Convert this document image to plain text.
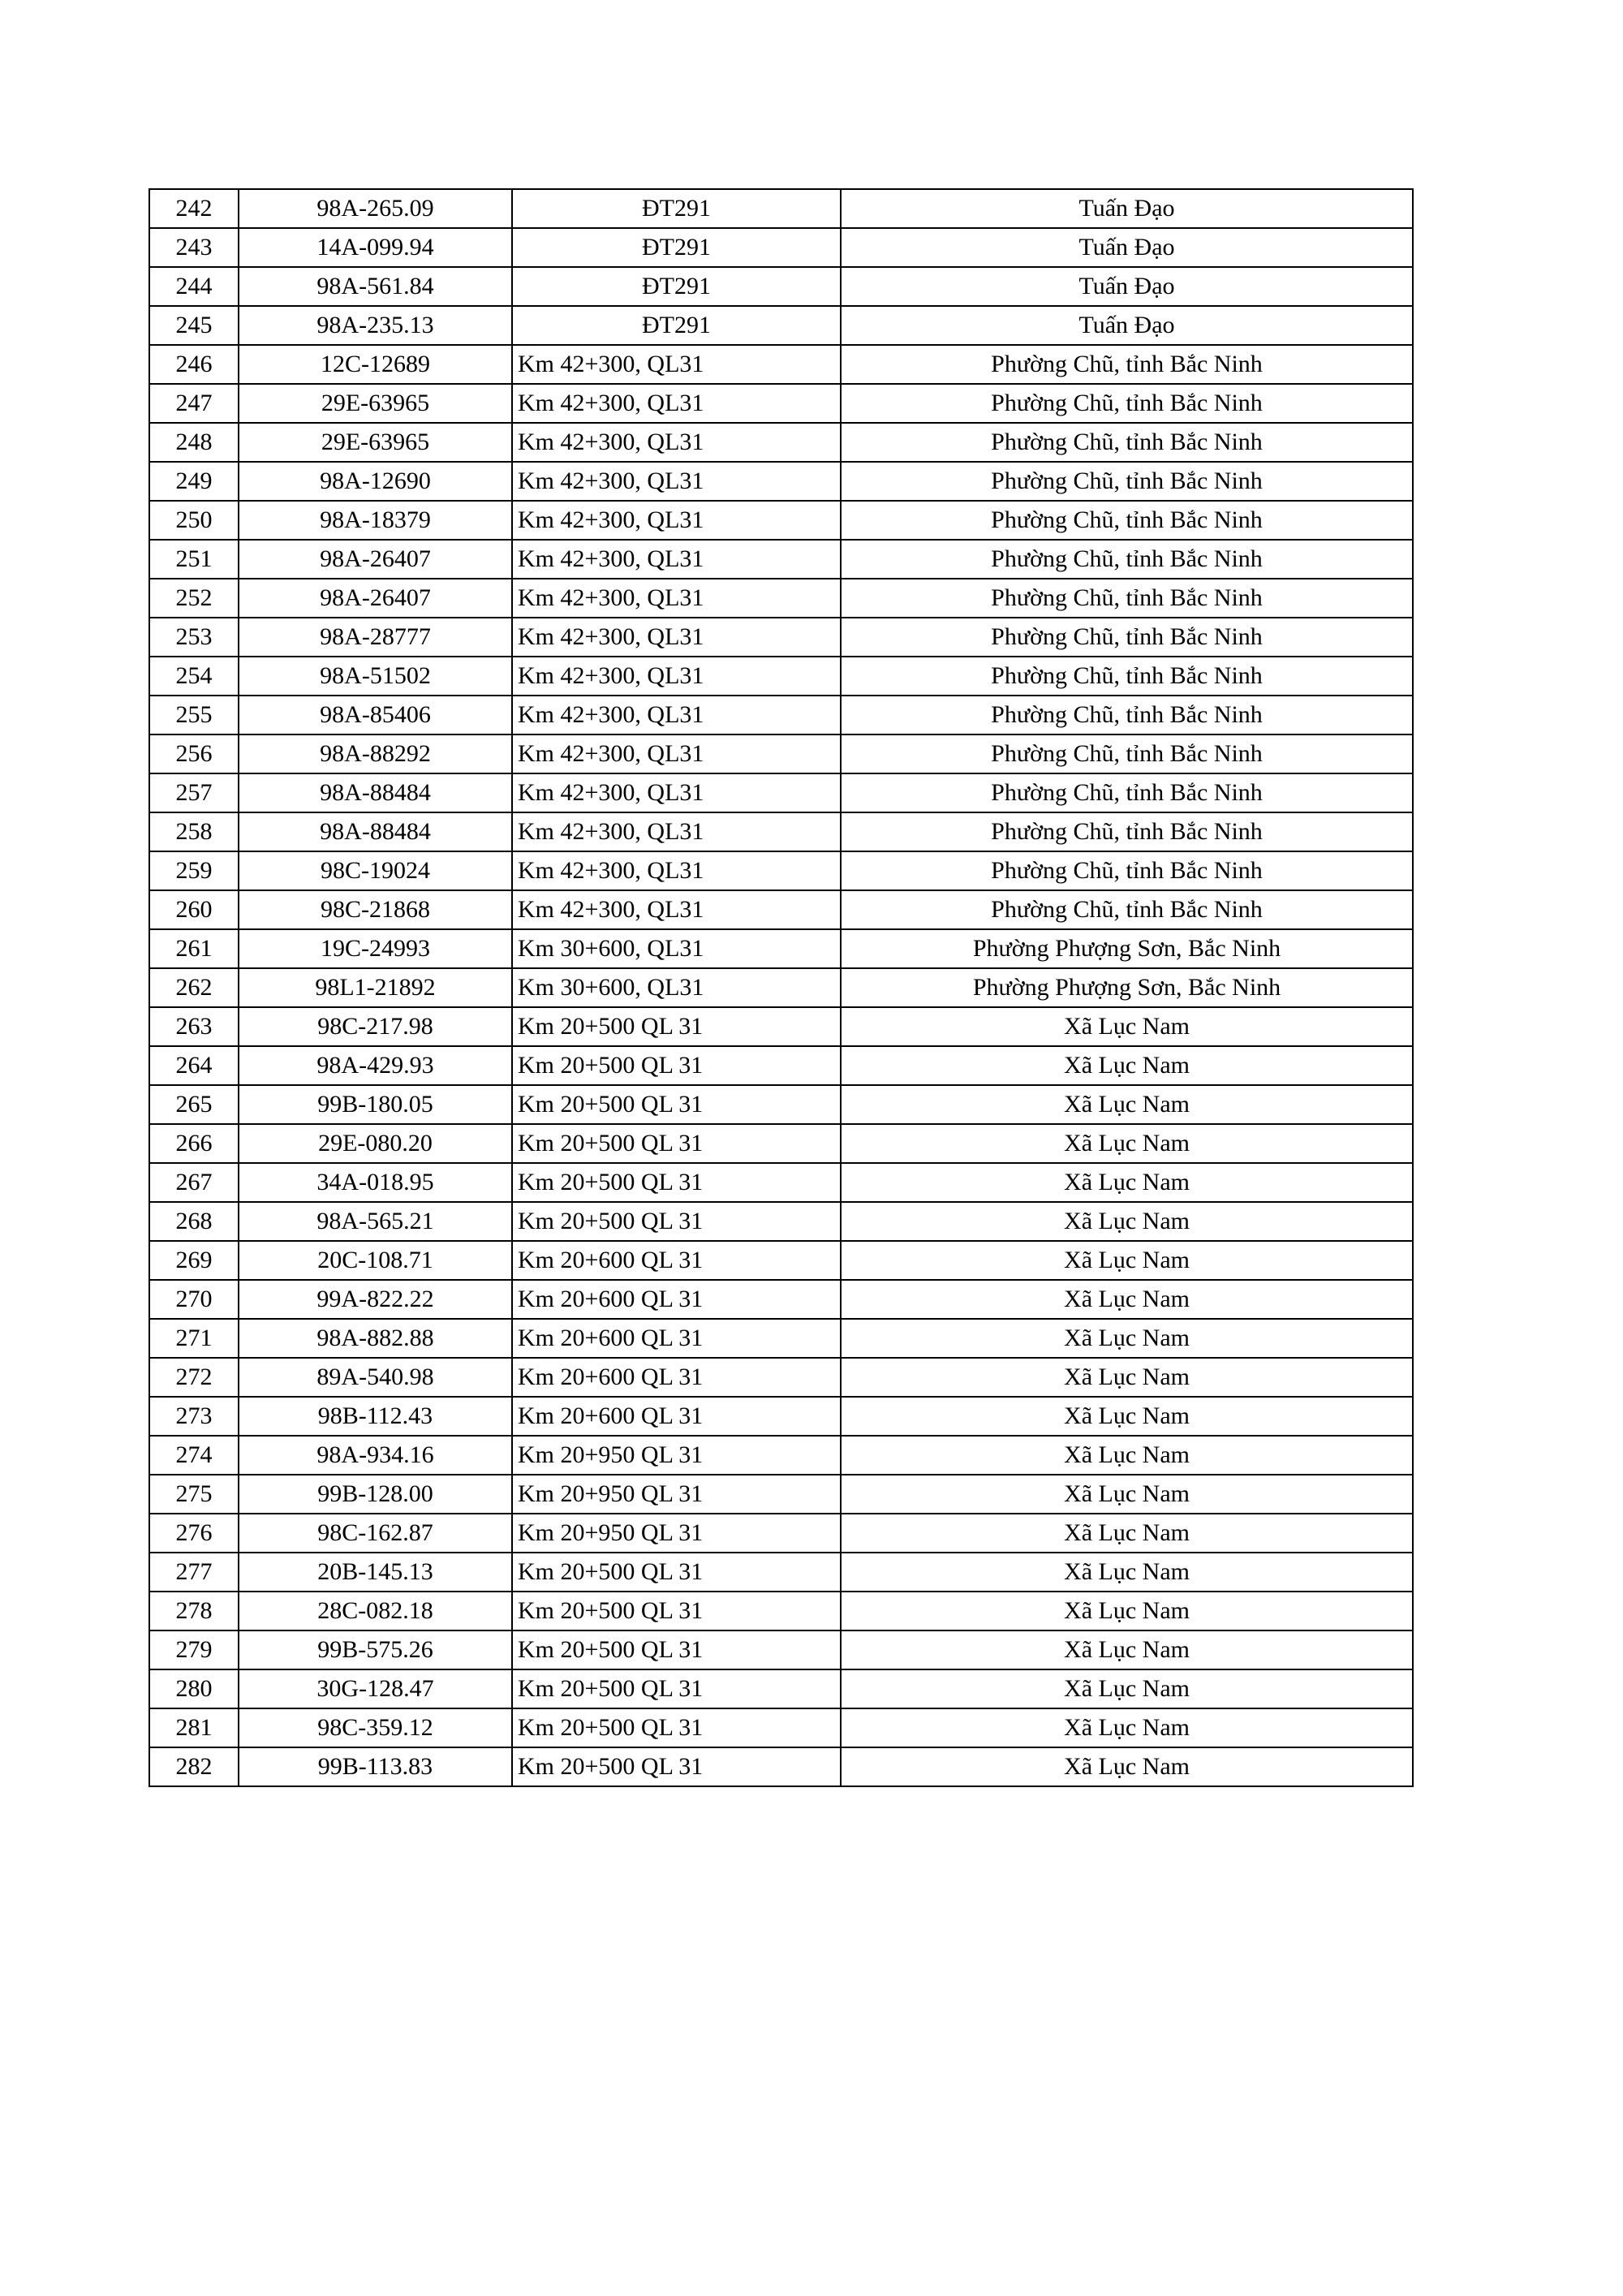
242	98A-265.09	ĐT291	Tuấn Đạo
243	14A-099.94	ĐT291	Tuấn Đạo
244	98A-561.84	ĐT291	Tuấn Đạo
245	98A-235.13	ĐT291	Tuấn Đạo
246	12C-12689	Km 42+300, QL31	Phường Chũ, tỉnh Bắc Ninh
247	29E-63965	Km 42+300, QL31	Phường Chũ, tỉnh Bắc Ninh
248	29E-63965	Km 42+300, QL31	Phường Chũ, tỉnh Bắc Ninh
249	98A-12690	Km 42+300, QL31	Phường Chũ, tỉnh Bắc Ninh
250	98A-18379	Km 42+300, QL31	Phường Chũ, tỉnh Bắc Ninh
251	98A-26407	Km 42+300, QL31	Phường Chũ, tỉnh Bắc Ninh
252	98A-26407	Km 42+300, QL31	Phường Chũ, tỉnh Bắc Ninh
253	98A-28777	Km 42+300, QL31	Phường Chũ, tỉnh Bắc Ninh
254	98A-51502	Km 42+300, QL31	Phường Chũ, tỉnh Bắc Ninh
255	98A-85406	Km 42+300, QL31	Phường Chũ, tỉnh Bắc Ninh
256	98A-88292	Km 42+300, QL31	Phường Chũ, tỉnh Bắc Ninh
257	98A-88484	Km 42+300, QL31	Phường Chũ, tỉnh Bắc Ninh
258	98A-88484	Km 42+300, QL31	Phường Chũ, tỉnh Bắc Ninh
259	98C-19024	Km 42+300, QL31	Phường Chũ, tỉnh Bắc Ninh
260	98C-21868	Km 42+300, QL31	Phường Chũ, tỉnh Bắc Ninh
261	19C-24993	Km 30+600, QL31	Phường Phượng Sơn, Bắc Ninh
262	98L1-21892	Km 30+600, QL31	Phường Phượng Sơn, Bắc Ninh
263	98C-217.98	Km 20+500 QL 31	Xã Lục Nam
264	98A-429.93	Km 20+500 QL 31	Xã Lục Nam
265	99B-180.05	Km 20+500 QL 31	Xã Lục Nam
266	29E-080.20	Km 20+500 QL 31	Xã Lục Nam
267	34A-018.95	Km 20+500 QL 31	Xã Lục Nam
268	98A-565.21	Km 20+500 QL 31	Xã Lục Nam
269	20C-108.71	Km 20+600 QL 31	Xã Lục Nam
270	99A-822.22	Km 20+600 QL 31	Xã Lục Nam
271	98A-882.88	Km 20+600 QL 31	Xã Lục Nam
272	89A-540.98	Km 20+600 QL 31	Xã Lục Nam
273	98B-112.43	Km 20+600 QL 31	Xã Lục Nam
274	98A-934.16	Km 20+950 QL 31	Xã Lục Nam
275	99B-128.00	Km 20+950 QL 31	Xã Lục Nam
276	98C-162.87	Km 20+950 QL 31	Xã Lục Nam
277	20B-145.13	Km 20+500 QL 31	Xã Lục Nam
278	28C-082.18	Km 20+500 QL 31	Xã Lục Nam
279	99B-575.26	Km 20+500 QL 31	Xã Lục Nam
280	30G-128.47	Km 20+500 QL 31	Xã Lục Nam
281	98C-359.12	Km 20+500 QL 31	Xã Lục Nam
282	99B-113.83	Km 20+500 QL 31	Xã Lục Nam
